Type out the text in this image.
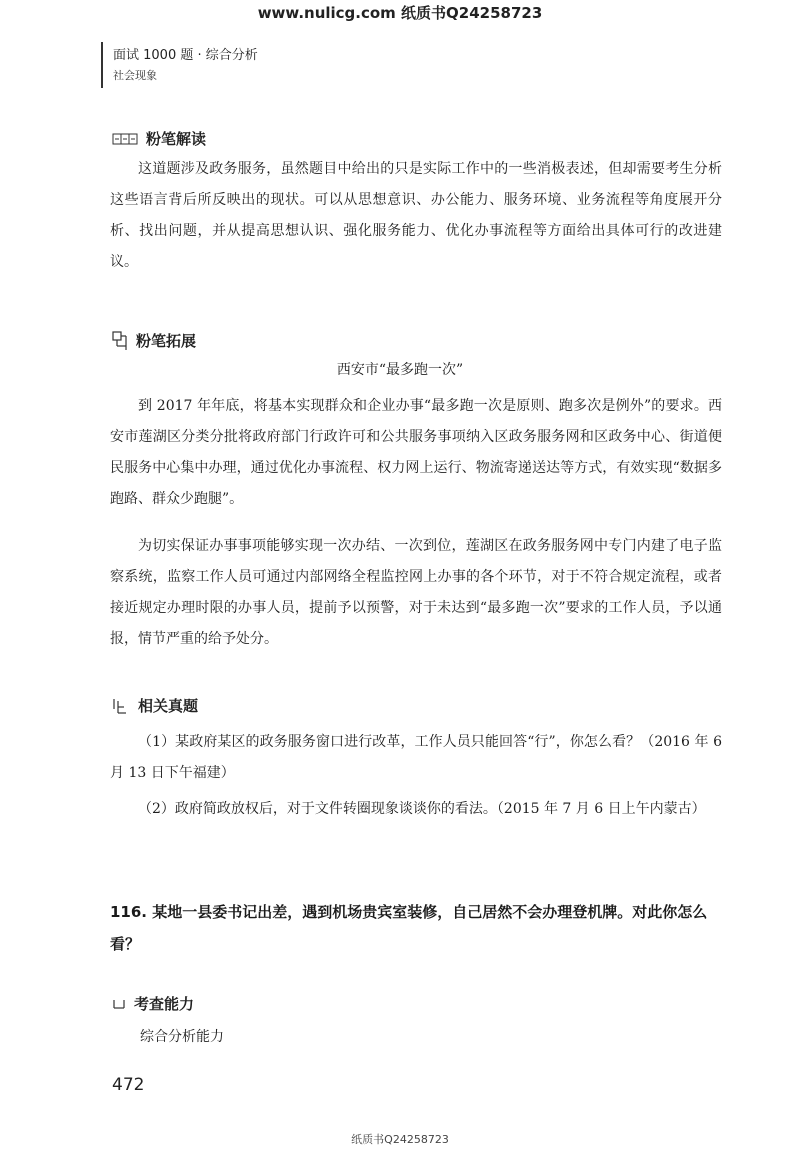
www.nulicg.com 纸质书Q24258723
面试 1000 题 · 综合分析
社会现象
粉笔解读
这道题涉及政务服务，虽然题目中给出的只是实际工作中的一些消极表述，但却需要考生分析这些语言背后所反映出的现状。可以从思想意识、办公能力、服务环境、业务流程等角度展开分析、找出问题，并从提高思想认识、强化服务能力、优化办事流程等方面给出具体可行的改进建议。
粉笔拓展
西安市“最多跑一次”
到 2017 年年底，将基本实现群众和企业办事“最多跑一次是原则、跑多次是例外”的要求。西安市莲湖区分类分批将政府部门行政许可和公共服务事项纳入区政务服务网和区政务中心、街道便民服务中心集中办理，通过优化办事流程、权力网上运行、物流寄递送达等方式，有效实现“数据多跑路、群众少跑腿”。
为切实保证办事事项能够实现一次办结、一次到位，莲湖区在政务服务网中专门内建了电子监察系统，监察工作人员可通过内部网络全程监控网上办事的各个环节，对于不符合规定流程，或者接近规定办理时限的办事人员，提前予以预警，对于未达到“最多跑一次”要求的工作人员，予以通报，情节严重的给予处分。
相关真题
（1）某政府某区的政务服务窗口进行改革，工作人员只能回答“行”，你怎么看？（2016 年 6 月 13 日下午福建）
（2）政府简政放权后，对于文件转圈现象谈谈你的看法。（2015 年 7 月 6 日上午内蒙古）
116. 某地一县委书记出差，遇到机场贵宾室装修，自己居然不会办理登机牌。对此你怎么看？
考查能力
综合分析能力
472
纸质书Q24258723
